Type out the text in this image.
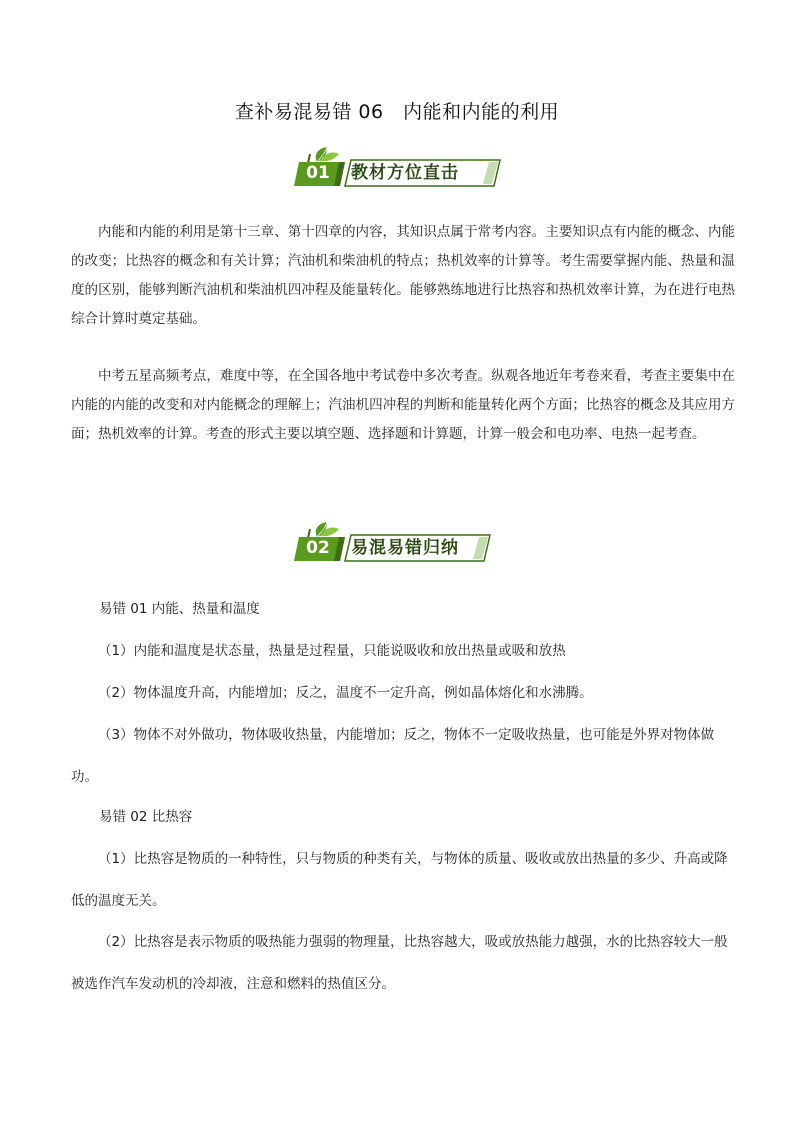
查补易混易错 06　内能和内能的利用
01	教材方位直击

内能和内能的利用是第十三章、第十四章的内容，其知识点属于常考内容。主要知识点有内能的概念、内能的改变；比热容的概念和有关计算；汽油机和柴油机的特点；热机效率的计算等。考生需要掌握内能、热量和温度的区别，能够判断汽油机和柴油机四冲程及能量转化。能够熟练地进行比热容和热机效率计算，为在进行电热综合计算时奠定基础。

中考五星高频考点，难度中等，在全国各地中考试卷中多次考查。纵观各地近年考卷来看，考查主要集中在内能的内能的改变和对内能概念的理解上；汽油机四冲程的判断和能量转化两个方面；比热容的概念及其应用方面；热机效率的计算。考查的形式主要以填空题、选择题和计算题，计算一般会和电功率、电热一起考查。

02	易混易错归纳

易错 01 内能、热量和温度

（1）内能和温度是状态量，热量是过程量，只能说吸收和放出热量或吸和放热

（2）物体温度升高，内能增加；反之，温度不一定升高，例如晶体熔化和水沸腾。

（3）物体不对外做功，物体吸收热量，内能增加；反之，物体不一定吸收热量，也可能是外界对物体做功。

易错 02 比热容

（1）比热容是物质的一种特性，只与物质的种类有关，与物体的质量、吸收或放出热量的多少、升高或降低的温度无关。

（2）比热容是表示物质的吸热能力强弱的物理量，比热容越大，吸或放热能力越强，水的比热容较大一般被选作汽车发动机的冷却液，注意和燃料的热值区分。
